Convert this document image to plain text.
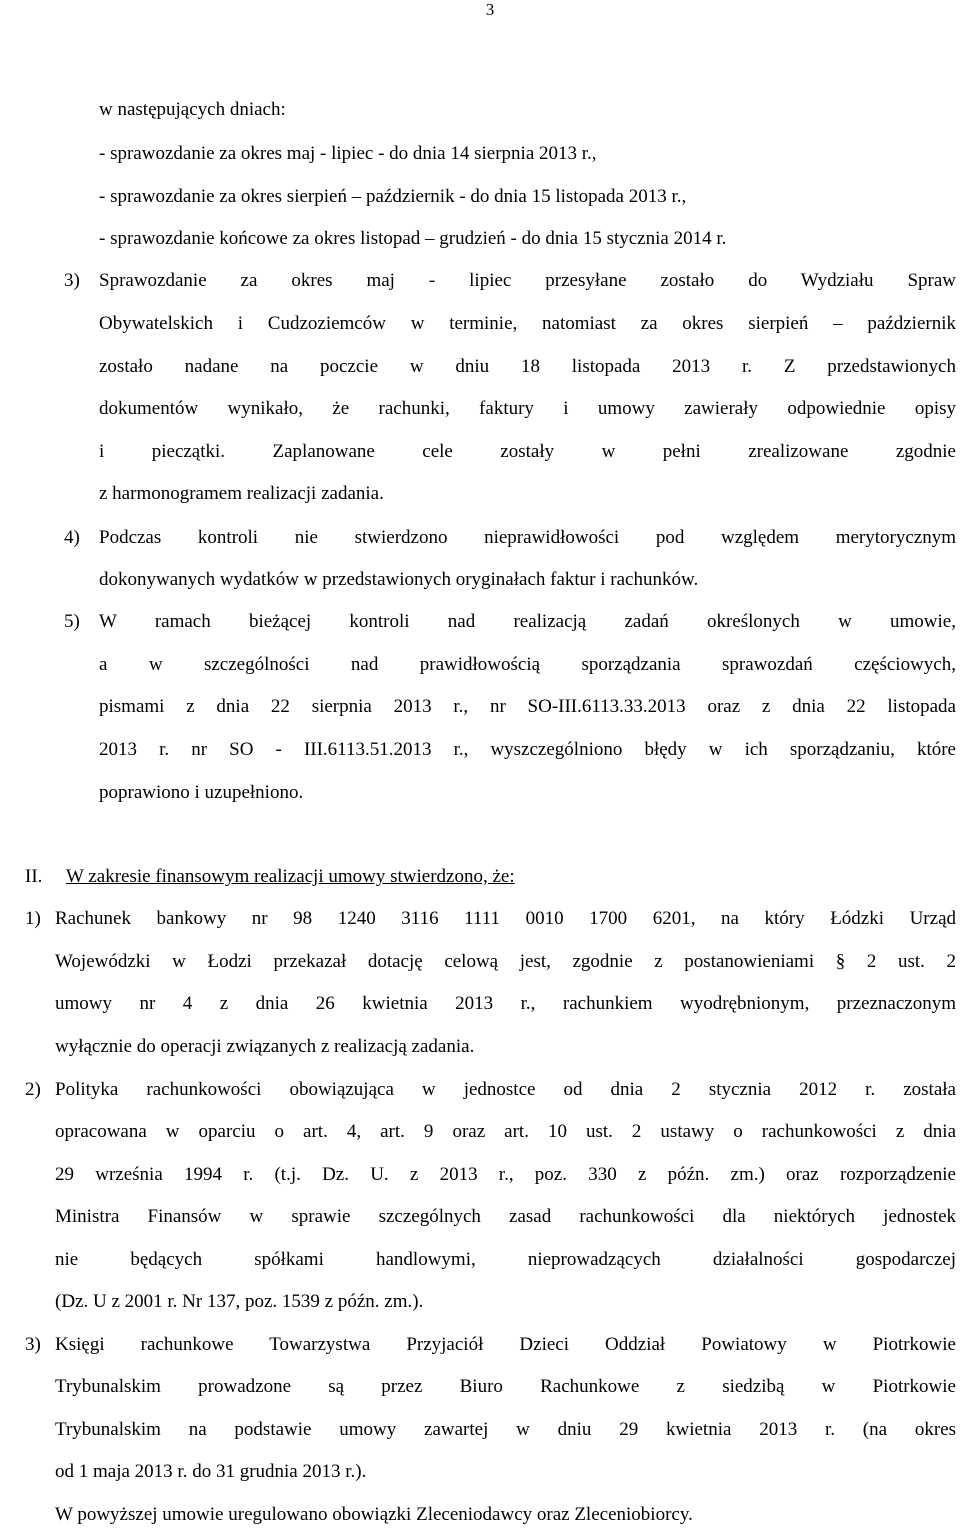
3
w następujących dniach:
- sprawozdanie za okres maj - lipiec - do dnia 14 sierpnia 2013 r.,
- sprawozdanie za okres sierpień – październik - do dnia 15 listopada 2013 r.,
- sprawozdanie końcowe za okres listopad – grudzień - do dnia 15 stycznia 2014 r.
3) Sprawozdanie za okres maj - lipiec przesyłane zostało do Wydziału Spraw
Obywatelskich i Cudzoziemców w terminie, natomiast za okres sierpień – październik
zostało nadane na poczcie w dniu 18 listopada 2013 r. Z przedstawionych
dokumentów wynikało, że rachunki, faktury i umowy zawierały odpowiednie opisy
i pieczątki. Zaplanowane cele zostały w pełni zrealizowane zgodnie
z harmonogramem realizacji zadania.
4) Podczas kontroli nie stwierdzono nieprawidłowości pod względem merytorycznym
dokonywanych wydatków w przedstawionych oryginałach faktur i rachunków.
5) W ramach bieżącej kontroli nad realizacją zadań określonych w umowie,
a w szczególności nad prawidłowością sporządzania sprawozdań częściowych,
pismami z dnia 22 sierpnia 2013 r., nr SO-III.6113.33.2013 oraz z dnia 22 listopada
2013 r. nr SO - III.6113.51.2013 r., wyszczególniono błędy w ich sporządzaniu, które
poprawiono i uzupełniono.
II. W zakresie finansowym realizacji umowy stwierdzono, że:
1) Rachunek bankowy nr 98 1240 3116 1111 0010 1700 6201, na który Łódzki Urząd
Wojewódzki w Łodzi przekazał dotację celową jest, zgodnie z postanowieniami § 2 ust. 2
umowy nr 4 z dnia 26 kwietnia 2013 r., rachunkiem wyodrębnionym, przeznaczonym
wyłącznie do operacji związanych z realizacją zadania.
2) Polityka rachunkowości obowiązująca w jednostce od dnia 2 stycznia 2012 r. została
opracowana w oparciu o art. 4, art. 9 oraz art. 10 ust. 2 ustawy o rachunkowości z dnia
29 września 1994 r. (t.j. Dz. U. z 2013 r., poz. 330 z późn. zm.) oraz rozporządzenie
Ministra Finansów w sprawie szczególnych zasad rachunkowości dla niektórych jednostek
nie będących spółkami handlowymi, nieprowadzących działalności gospodarczej
(Dz. U z 2001 r. Nr 137, poz. 1539 z późn. zm.).
3) Księgi rachunkowe Towarzystwa Przyjaciół Dzieci Oddział Powiatowy w Piotrkowie
Trybunalskim prowadzone są przez Biuro Rachunkowe z siedzibą w Piotrkowie
Trybunalskim na podstawie umowy zawartej w dniu 29 kwietnia 2013 r. (na okres
od 1 maja 2013 r. do 31 grudnia 2013 r.).
W powyższej umowie uregulowano obowiązki Zleceniodawcy oraz Zleceniobiorcy.
